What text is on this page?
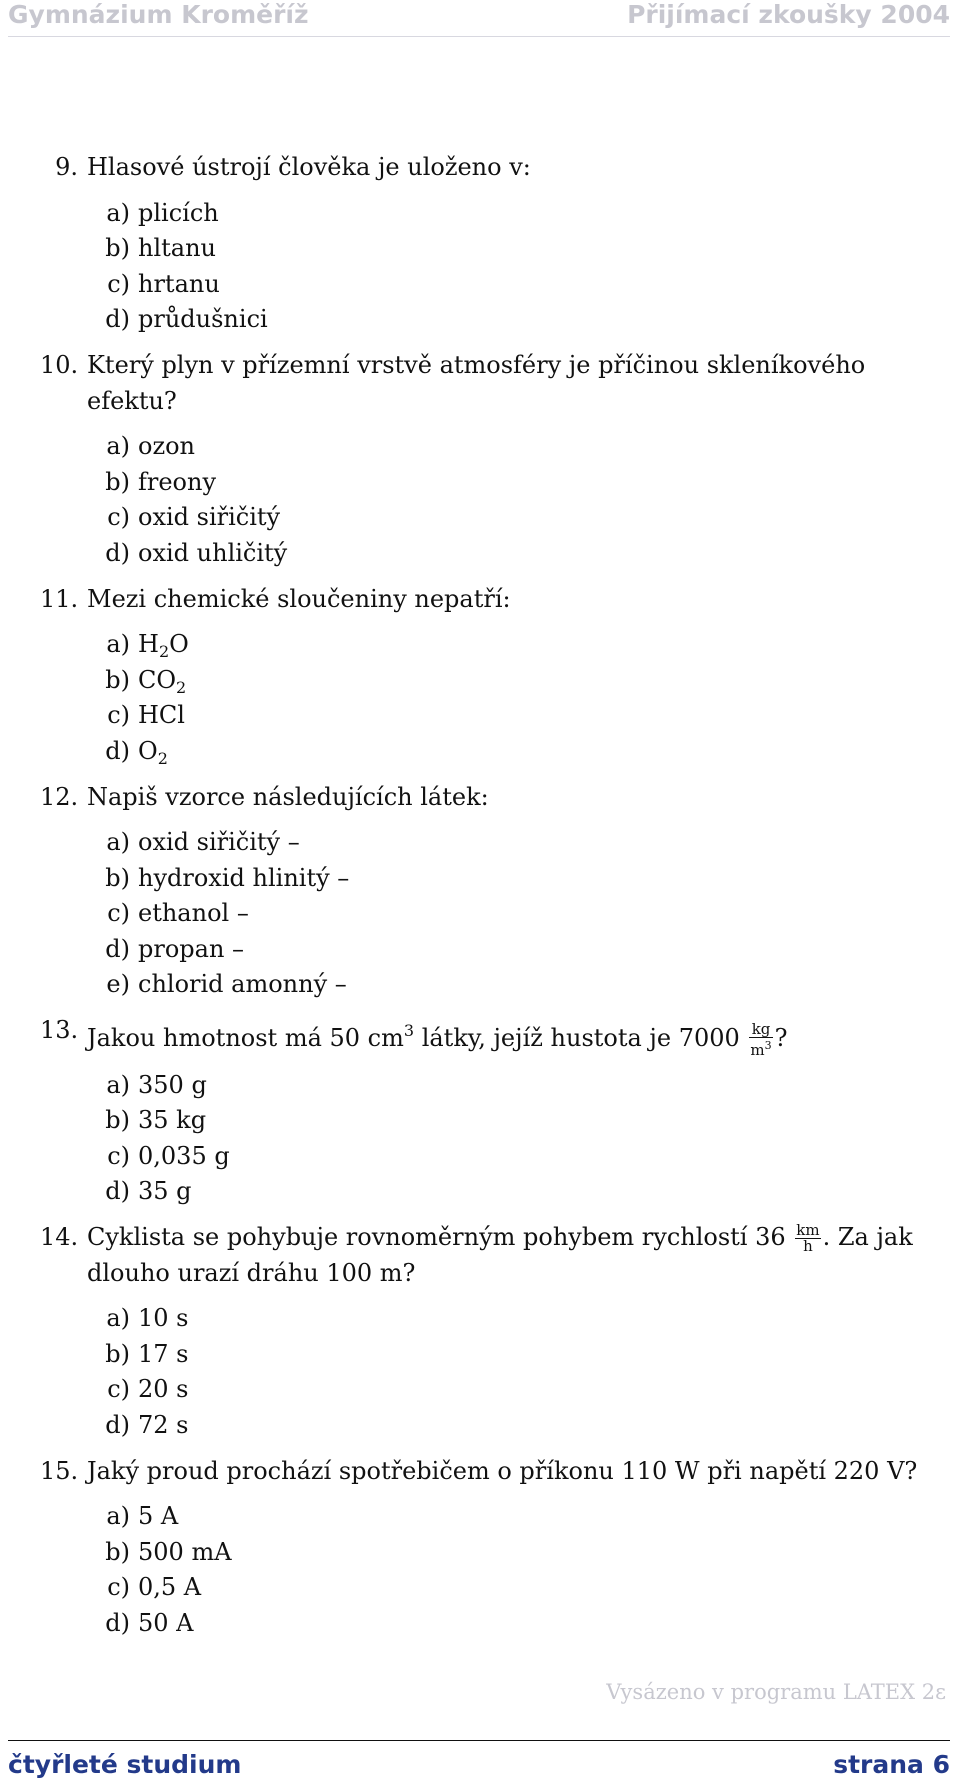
Gymnázium Kroměříž	Přijímací zkoušky 2004
9. Hlasové ústrojí člověka je uloženo v:
a) plicích
b) hltanu
c) hrtanu
d) průdušnici
10. Který plyn v přízemní vrstvě atmosféry je příčinou skleníkového efektu?
a) ozon
b) freony
c) oxid siřičitý
d) oxid uhličitý
11. Mezi chemické sloučeniny nepatří:
a) $H_2O$
b) $CO_2$
c) HCl
d) $O_2$
12. Napiš vzorce následujících látek:
a) oxid siřičitý –
b) hydroxid hlinitý –
c) ethanol –
d) propan –
e) chlorid amonný –
13. Jakou hmotnost má 50 $cm^3$ látky, jejíž hustota je $7000 \frac{kg}{m^3}$ ?
a) 350 g
b) 35 kg
c) 0,035 g
d) 35 g
14. Cyklista se pohybuje rovnoměrným pohybem rychlostí $36 \frac{km}{h}$ . Za jak
dlouho urazí dráhu 100 m?
a) 10 s
b) 17 s
c) 20 s
d) 72 s
15. Jaký proud prochází spotřebičem o příkonu 110 W při napětí 220 V?
a) 5 A
b) 500 mA
c) 0,5 A
d) 50 A
Vysázeno v programu LATEX 2ε
čtyřleté studium	strana 6
